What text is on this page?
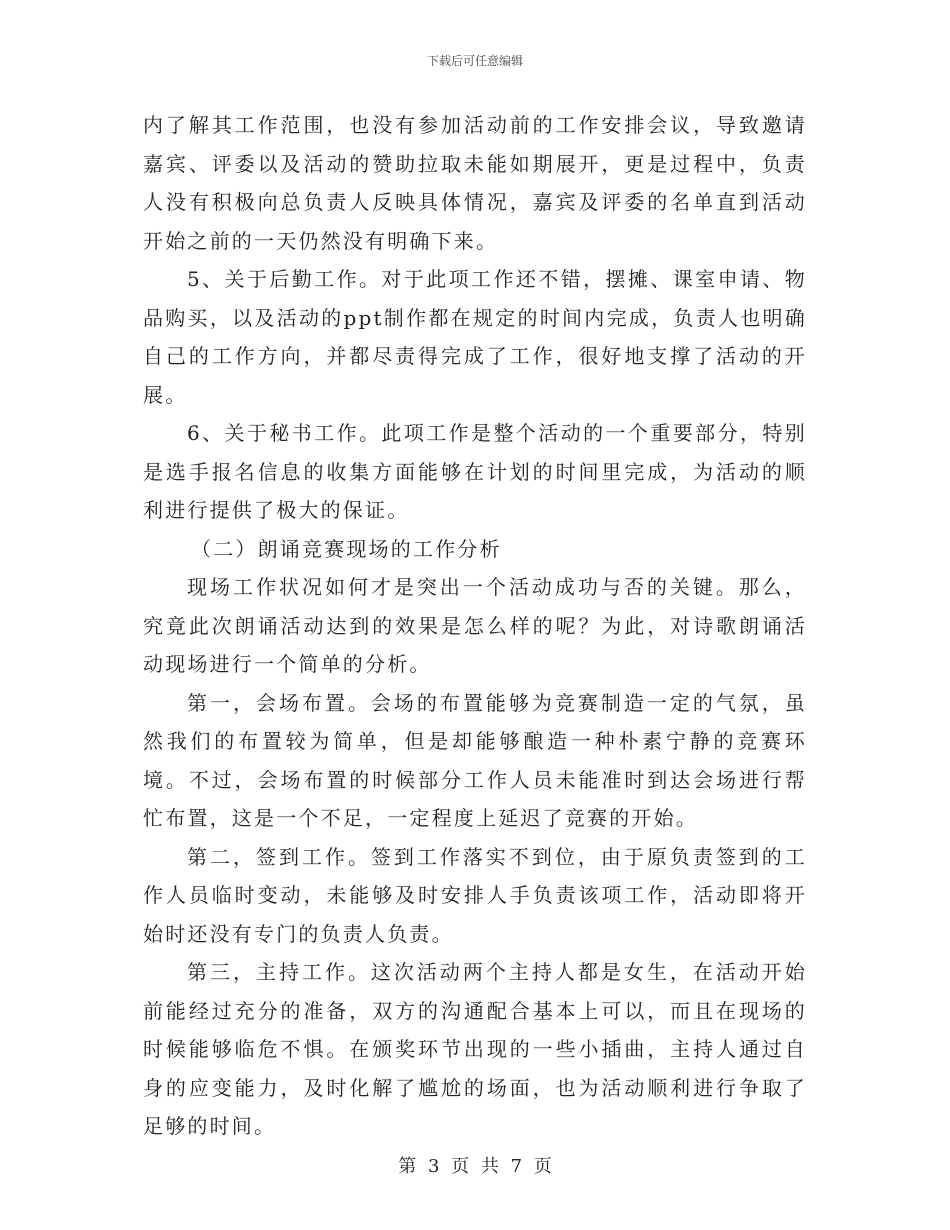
下载后可任意编辑

内了解其工作范围，也没有参加活动前的工作安排会议，导致邀请嘉宾、评委以及活动的赞助拉取未能如期展开，更是过程中，负责人没有积极向总负责人反映具体情况，嘉宾及评委的名单直到活动开始之前的一天仍然没有明确下来。

5、关于后勤工作。对于此项工作还不错，摆摊、课室申请、物品购买，以及活动的ppt制作都在规定的时间内完成，负责人也明确自己的工作方向，并都尽责得完成了工作，很好地支撑了活动的开展。

6、关于秘书工作。此项工作是整个活动的一个重要部分，特别是选手报名信息的收集方面能够在计划的时间里完成，为活动的顺利进行提供了极大的保证。

（二）朗诵竞赛现场的工作分析

现场工作状况如何才是突出一个活动成功与否的关键。那么，究竟此次朗诵活动达到的效果是怎么样的呢？为此，对诗歌朗诵活动现场进行一个简单的分析。

第一，会场布置。会场的布置能够为竞赛制造一定的气氛，虽然我们的布置较为简单，但是却能够酿造一种朴素宁静的竞赛环境。不过，会场布置的时候部分工作人员未能准时到达会场进行帮忙布置，这是一个不足，一定程度上延迟了竞赛的开始。

第二，签到工作。签到工作落实不到位，由于原负责签到的工作人员临时变动，未能够及时安排人手负责该项工作，活动即将开始时还没有专门的负责人负责。

第三，主持工作。这次活动两个主持人都是女生，在活动开始前能经过充分的准备，双方的沟通配合基本上可以，而且在现场的时候能够临危不惧。在颁奖环节出现的一些小插曲，主持人通过自身的应变能力，及时化解了尴尬的场面，也为活动顺利进行争取了足够的时间。

第 3 页 共 7 页
